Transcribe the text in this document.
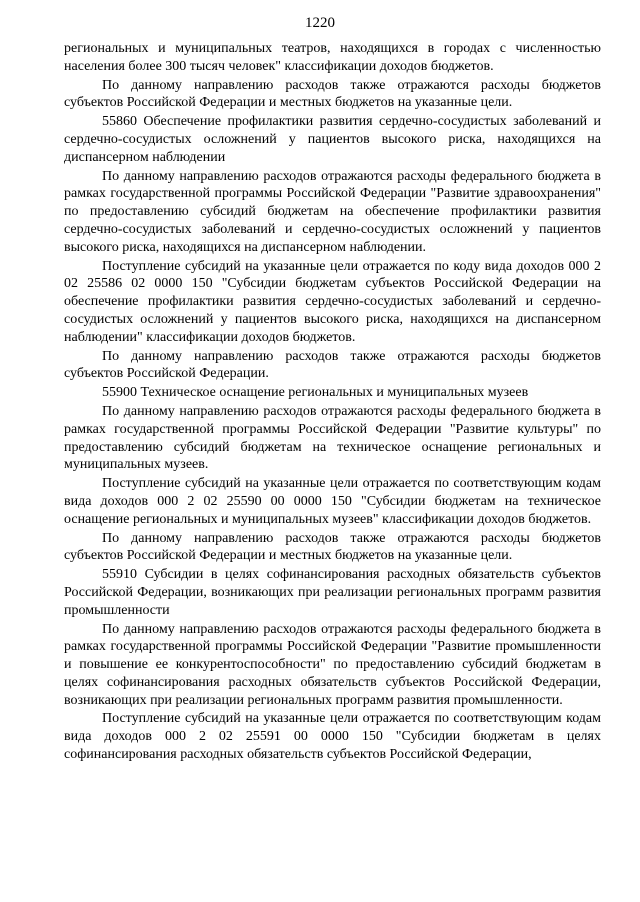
1220

региональных и муниципальных театров, находящихся в городах с численностью населения более 300 тысяч человек" классификации доходов бюджетов.

По данному направлению расходов также отражаются расходы бюджетов субъектов Российской Федерации и местных бюджетов на указанные цели.

55860 Обеспечение профилактики развития сердечно-сосудистых заболеваний и сердечно-сосудистых осложнений у пациентов высокого риска, находящихся на диспансерном наблюдении

По данному направлению расходов отражаются расходы федерального бюджета в рамках государственной программы Российской Федерации "Развитие здравоохранения" по предоставлению субсидий бюджетам на обеспечение профилактики развития сердечно-сосудистых заболеваний и сердечно-сосудистых осложнений у пациентов высокого риска, находящихся на диспансерном наблюдении.

Поступление субсидий на указанные цели отражается по коду вида доходов 000 2 02 25586 02 0000 150 "Субсидии бюджетам субъектов Российской Федерации на обеспечение профилактики развития сердечно-сосудистых заболеваний и сердечно-сосудистых осложнений у пациентов высокого риска, находящихся на диспансерном наблюдении" классификации доходов бюджетов.

По данному направлению расходов также отражаются расходы бюджетов субъектов Российской Федерации.

55900 Техническое оснащение региональных и муниципальных музеев

По данному направлению расходов отражаются расходы федерального бюджета в рамках государственной программы Российской Федерации "Развитие культуры" по предоставлению субсидий бюджетам на техническое оснащение региональных и муниципальных музеев.

Поступление субсидий на указанные цели отражается по соответствующим кодам вида доходов 000 2 02 25590 00 0000 150 "Субсидии бюджетам на техническое оснащение региональных и муниципальных музеев" классификации доходов бюджетов.

По данному направлению расходов также отражаются расходы бюджетов субъектов Российской Федерации и местных бюджетов на указанные цели.

55910 Субсидии в целях софинансирования расходных обязательств субъектов Российской Федерации, возникающих при реализации региональных программ развития промышленности

По данному направлению расходов отражаются расходы федерального бюджета в рамках государственной программы Российской Федерации "Развитие промышленности и повышение ее конкурентоспособности" по предоставлению субсидий бюджетам в целях софинансирования расходных обязательств субъектов Российской Федерации, возникающих при реализации региональных программ развития промышленности.

Поступление субсидий на указанные цели отражается по соответствующим кодам вида доходов 000 2 02 25591 00 0000 150 "Субсидии бюджетам в целях софинансирования расходных обязательств субъектов Российской Федерации,
